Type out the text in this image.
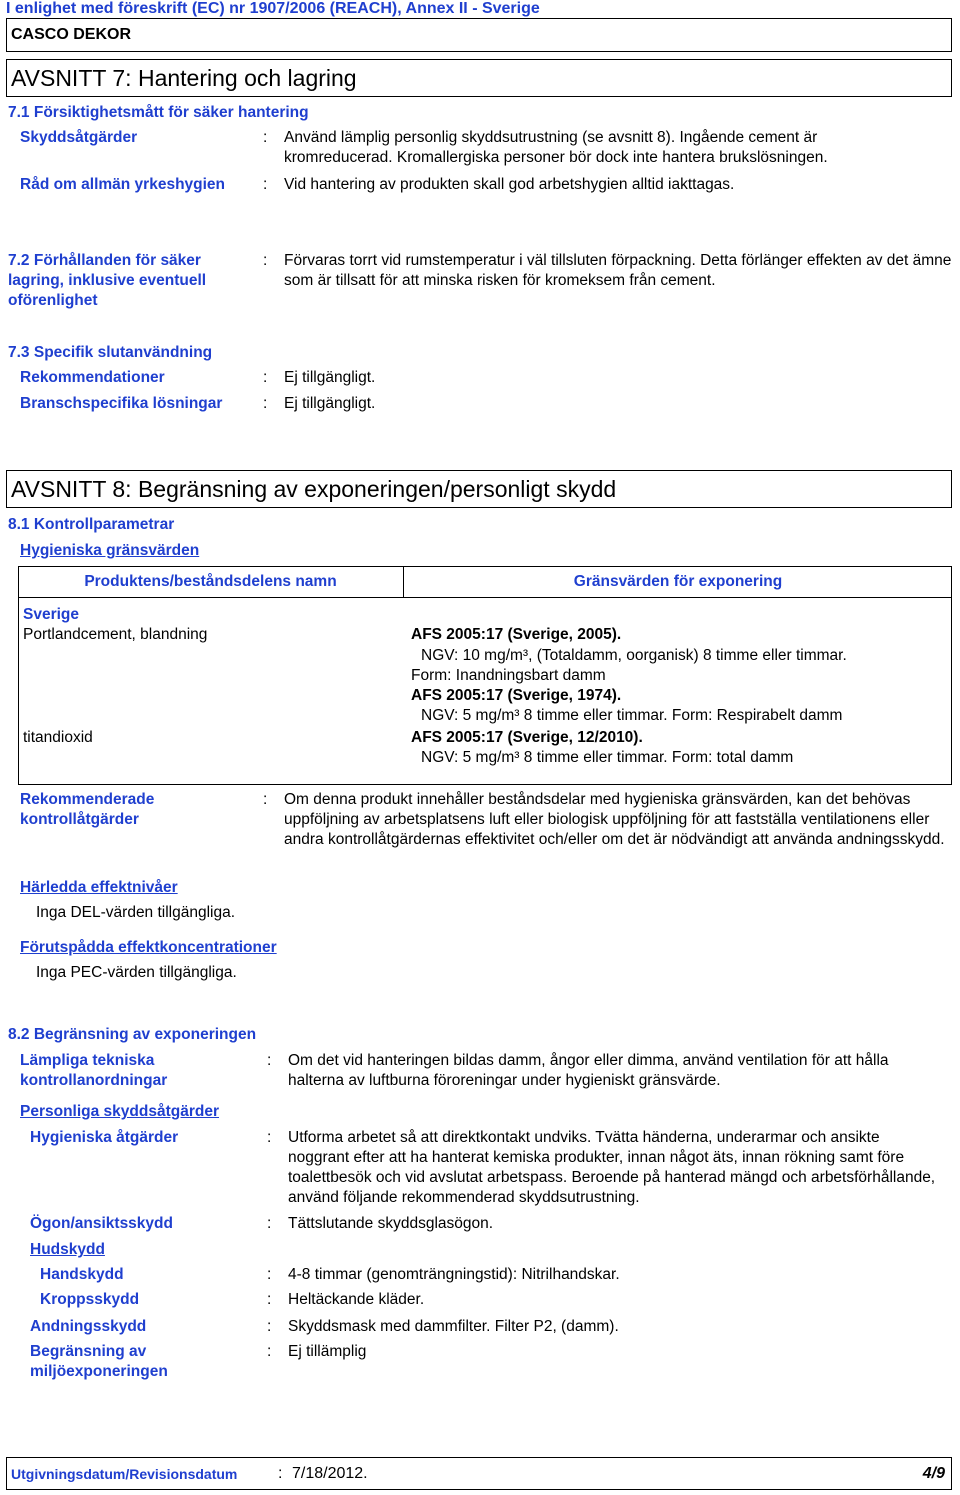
I enlighet med föreskrift (EC) nr 1907/2006 (REACH), Annex II - Sverige
CASCO DEKOR
AVSNITT 7: Hantering och lagring
7.1 Försiktighetsmått för säker hantering
Skyddsåtgärder	: Använd lämplig personlig skyddsutrustning (se avsnitt 8). Ingående cement är kromreducerad. Kromallergiska personer bör dock inte hantera brukslösningen.
Råd om allmän yrkeshygien : Vid hantering av produkten skall god arbetshygien alltid iakttagas.
7.2 Förhållanden för säker lagring, inklusive eventuell oförenlighet
: Förvaras torrt vid rumstemperatur i väl tillsluten förpackning. Detta förlänger effekten av det ämne som är tillsatt för att minska risken för kromeksem från cement.
7.3 Specifik slutanvändning
Rekommendationer	: Ej tillgängligt.
Branschspecifika lösningar	: Ej tillgängligt.
AVSNITT 8: Begränsning av exponeringen/personligt skydd
8.1 Kontrollparametrar
Hygieniska gränsvärden
Produktens/beståndsdelens namn	Gränsvärden för exponering
Sverige
Portlandcement, blandning	AFS 2005:17 (Sverige, 2005).
NGV: 10 mg/m³, (Totaldamm, oorganisk) 8 timme eller timmar.
Form: Inandningsbart damm
AFS 2005:17 (Sverige, 1974).
NGV: 5 mg/m³ 8 timme eller timmar. Form: Respirabelt damm
titandioxid	AFS 2005:17 (Sverige, 12/2010).
NGV: 5 mg/m³ 8 timme eller timmar. Form: total damm
Rekommenderade kontrollåtgärder
: Om denna produkt innehåller beståndsdelar med hygieniska gränsvärden, kan det behövas uppföljning av arbetsplatsens luft eller biologisk uppföljning för att fastställa ventilationens eller andra kontrollåtgärdernas effektivitet och/eller om det är nödvändigt att använda andningsskydd.
Härledda effektnivåer
Inga DEL-värden tillgängliga.
Förutspådda effektkoncentrationer
Inga PEC-värden tillgängliga.
8.2 Begränsning av exponeringen
Lämpliga tekniska kontrollanordningar
: Om det vid hanteringen bildas damm, ångor eller dimma, använd ventilation för att hålla halterna av luftburna föroreningar under hygieniskt gränsvärde.
Personliga skyddsåtgärder
Hygieniska åtgärder	: Utforma arbetet så att direktkontakt undviks. Tvätta händerna, underarmar och ansikte noggrant efter att ha hanterat kemiska produkter, innan något äts, innan rökning samt före toalettbesök och vid avslutat arbetspass. Beroende på hanterad mängd och arbetsförhållande, använd följande rekommenderad skyddsutrustning.
Ögon/ansiktsskydd	: Tättslutande skyddsglasögon.
Hudskydd
Handskydd	: 4-8 timmar (genomträngningstid): Nitrilhandskar.
Kroppsskydd	: Heltäckande kläder.
Andningsskydd	: Skyddsmask med dammfilter. Filter P2, (damm).
Begränsning av miljöexponeringen
: Ej tillämplig
Utgivningsdatum/Revisionsdatum	: 7/18/2012.	4/9
